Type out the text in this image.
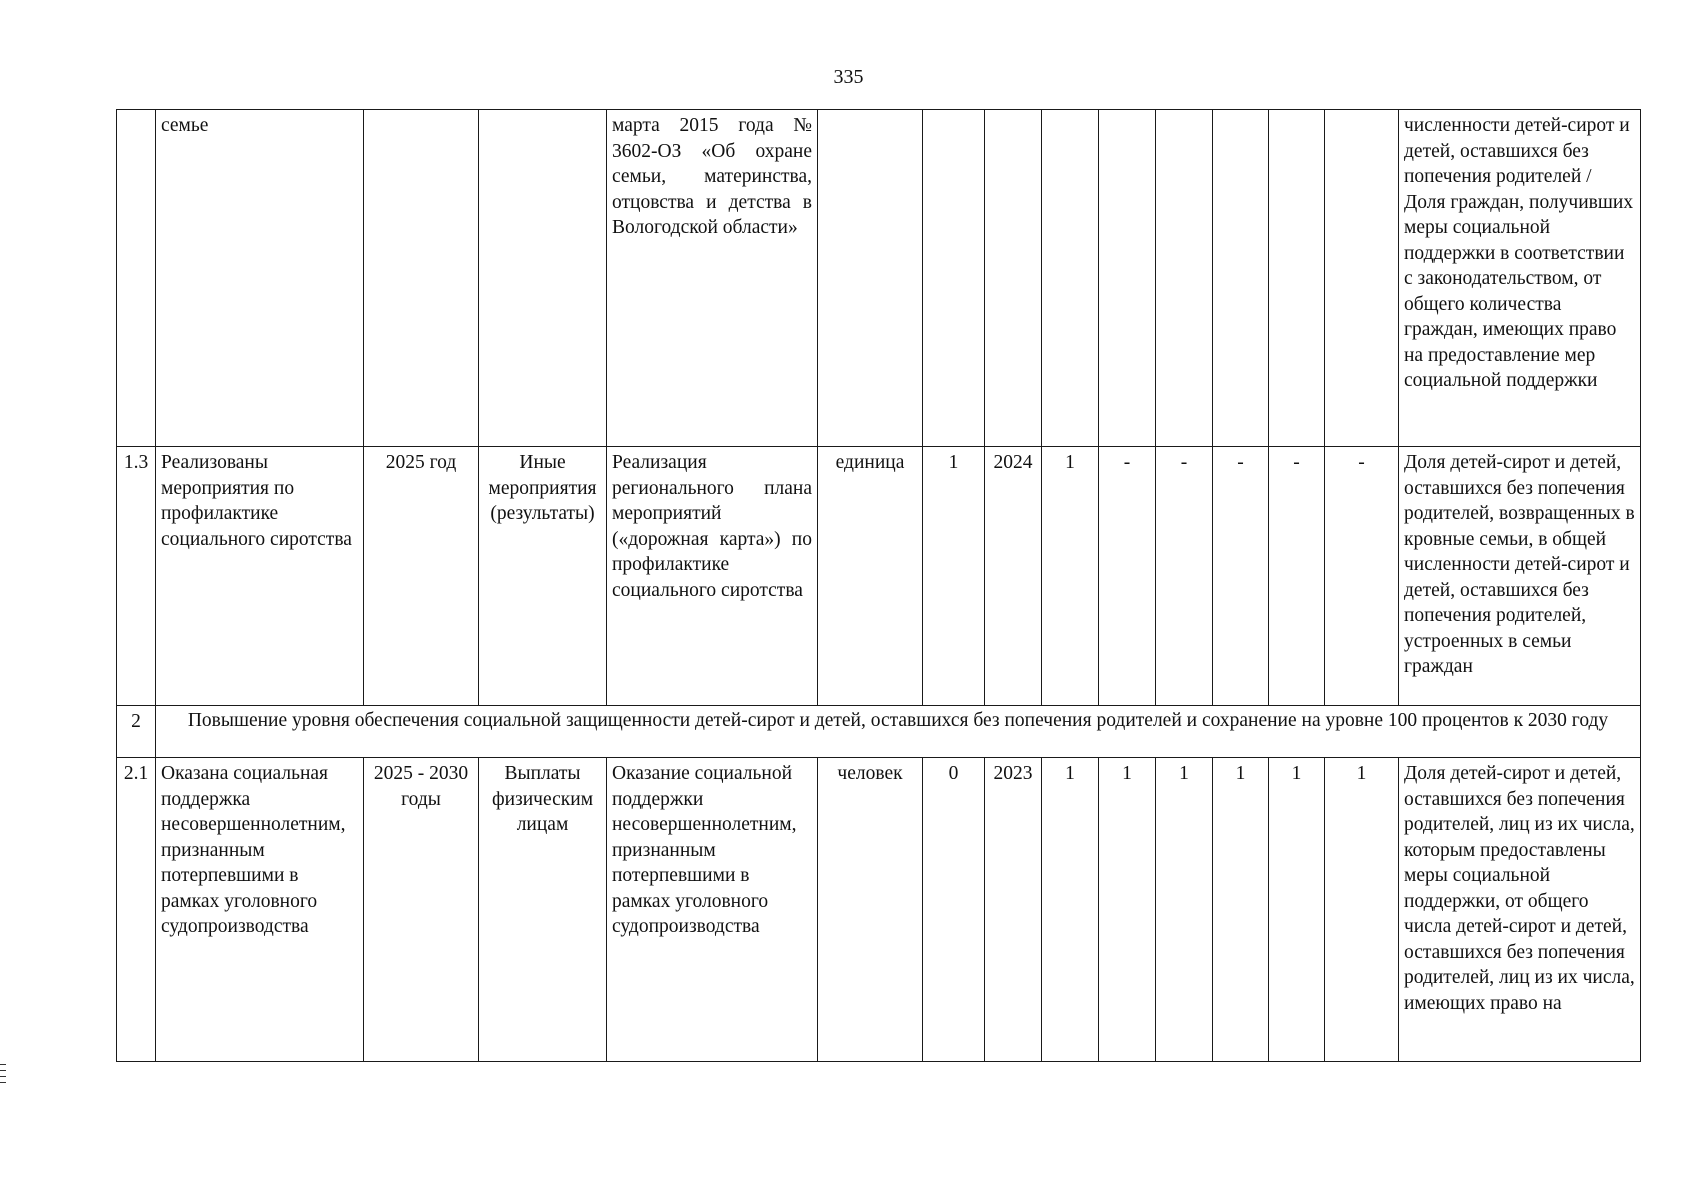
335
	семье			марта 2015 года № 3602-ОЗ «Об охране семьи, материнства, отцовства и детства в Вологодской области»										численности детей-сирот и детей, оставшихся без попечения родителей / Доля граждан, получивших меры социальной поддержки в соответствии с законодательством, от общего количества граждан, имеющих право на предоставление мер социальной поддержки
1.3	Реализованы мероприятия по профилактике социального сиротства	2025 год	Иные мероприятия (результаты)	Реализация регионального плана мероприятий («дорожная карта») по профилактике социального сиротства	единица	1	2024	1	-	-	-	-	-	Доля детей-сирот и детей, оставшихся без попечения родителей, возвращенных в кровные семьи, в общей численности детей-сирот и детей, оставшихся без попечения родителей, устроенных в семьи граждан
2	Повышение уровня обеспечения социальной защищенности детей-сирот и детей, оставшихся без попечения родителей и сохранение на уровне 100 процентов к 2030 году													
2.1	Оказана социальная поддержка несовершеннолетним, признанным потерпевшими в рамках уголовного судопроизводства	2025 - 2030 годы	Выплаты физическим лицам	Оказание социальной поддержки несовершеннолетним, признанным потерпевшими в рамках уголовного судопроизводства	человек	0	2023	1	1	1	1	1	1	Доля детей-сирот и детей, оставшихся без попечения родителей, лиц из их числа, которым предоставлены меры социальной поддержки, от общего числа детей-сирот и детей, оставшихся без попечения родителей, лиц из их числа, имеющих право на
